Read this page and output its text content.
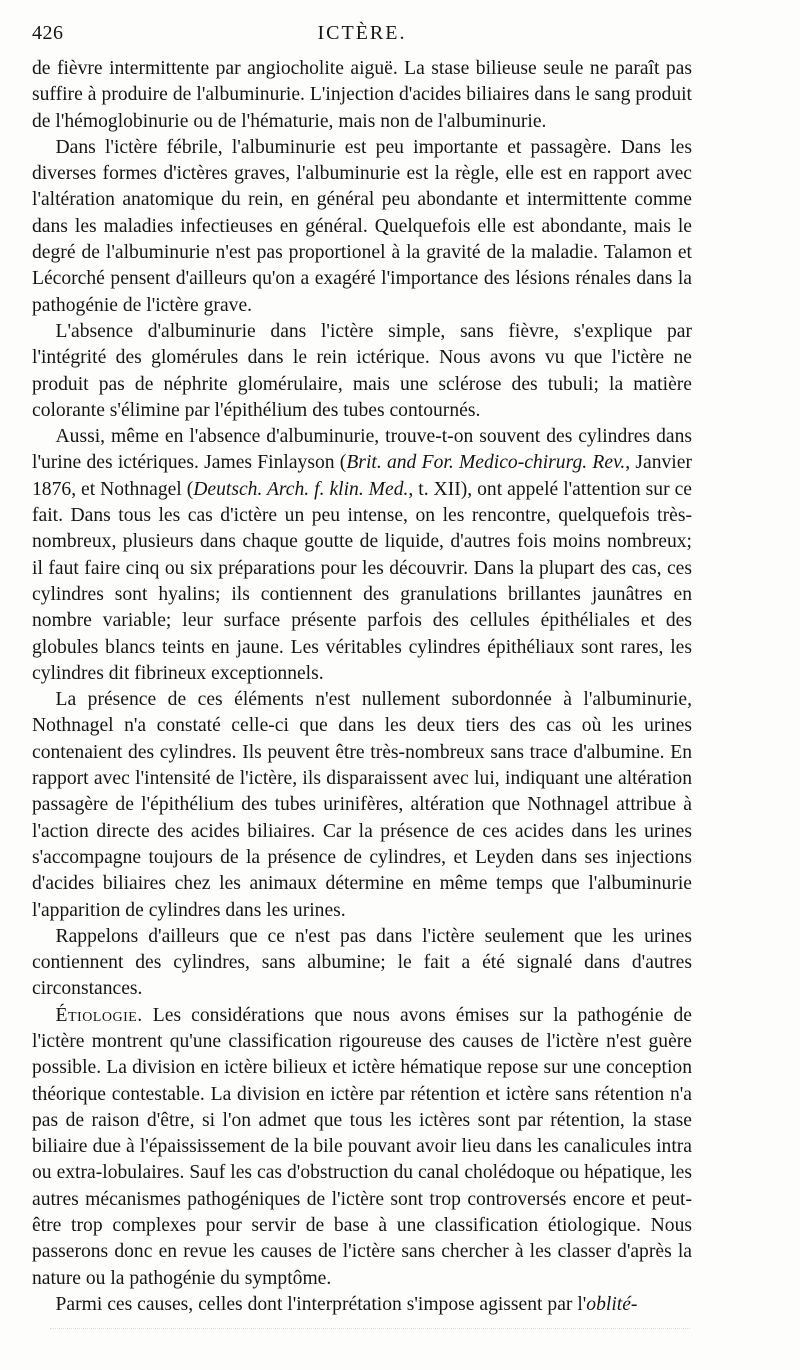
426	ICTÈRE.

de fièvre intermittente par angiocholite aiguë. La stase bilieuse seule ne paraît pas suffire à produire de l'albuminurie. L'injection d'acides biliaires dans le sang produit de l'hémoglobinurie ou de l'hématurie, mais non de l'albuminurie.

Dans l'ictère fébrile, l'albuminurie est peu importante et passagère. Dans les diverses formes d'ictères graves, l'albuminurie est la règle, elle est en rapport avec l'altération anatomique du rein, en général peu abondante et intermittente comme dans les maladies infectieuses en général. Quelquefois elle est abondante, mais le degré de l'albuminurie n'est pas proportionel à la gravité de la maladie. Talamon et Lécorché pensent d'ailleurs qu'on a exagéré l'importance des lésions rénales dans la pathogénie de l'ictère grave.

L'absence d'albuminurie dans l'ictère simple, sans fièvre, s'explique par l'intégrité des glomérules dans le rein ictérique. Nous avons vu que l'ictère ne produit pas de néphrite glomérulaire, mais une sclérose des tubuli; la matière colorante s'élimine par l'épithélium des tubes contournés.

Aussi, même en l'absence d'albuminurie, trouve-t-on souvent des cylindres dans l'urine des ictériques. James Finlayson (Brit. and For. Medico-chirurg. Rev., Janvier 1876, et Nothnagel (Deutsch. Arch. f. klin. Med., t. XII), ont appelé l'attention sur ce fait. Dans tous les cas d'ictère un peu intense, on les rencontre, quelquefois très-nombreux, plusieurs dans chaque goutte de liquide, d'autres fois moins nombreux; il faut faire cinq ou six préparations pour les découvrir. Dans la plupart des cas, ces cylindres sont hyalins; ils contiennent des granulations brillantes jaunâtres en nombre variable; leur surface présente parfois des cellules épithéliales et des globules blancs teints en jaune. Les véritables cylindres épithéliaux sont rares, les cylindres dit fibrineux exceptionnels.

La présence de ces éléments n'est nullement subordonnée à l'albuminurie, Nothnagel n'a constaté celle-ci que dans les deux tiers des cas où les urines contenaient des cylindres. Ils peuvent être très-nombreux sans trace d'albumine. En rapport avec l'intensité de l'ictère, ils disparaissent avec lui, indiquant une altération passagère de l'épithélium des tubes urinifères, altération que Nothnagel attribue à l'action directe des acides biliaires. Car la présence de ces acides dans les urines s'accompagne toujours de la présence de cylindres, et Leyden dans ses injections d'acides biliaires chez les animaux détermine en même temps que l'albuminurie l'apparition de cylindres dans les urines.

Rappelons d'ailleurs que ce n'est pas dans l'ictère seulement que les urines contiennent des cylindres, sans albumine; le fait a été signalé dans d'autres circonstances.

Étiologie. Les considérations que nous avons émises sur la pathogénie de l'ictère montrent qu'une classification rigoureuse des causes de l'ictère n'est guère possible. La division en ictère bilieux et ictère hématique repose sur une conception théorique contestable. La division en ictère par rétention et ictère sans rétention n'a pas de raison d'être, si l'on admet que tous les ictères sont par rétention, la stase biliaire due à l'épaississement de la bile pouvant avoir lieu dans les canalicules intra ou extra-lobulaires. Sauf les cas d'obstruction du canal cholédoque ou hépatique, les autres mécanismes pathogéniques de l'ictère sont trop controversés encore et peut-être trop complexes pour servir de base à une classification étiologique. Nous passerons donc en revue les causes de l'ictère sans chercher à les classer d'après la nature ou la pathogénie du symptôme.

Parmi ces causes, celles dont l'interprétation s'impose agissent par l'oblité-
